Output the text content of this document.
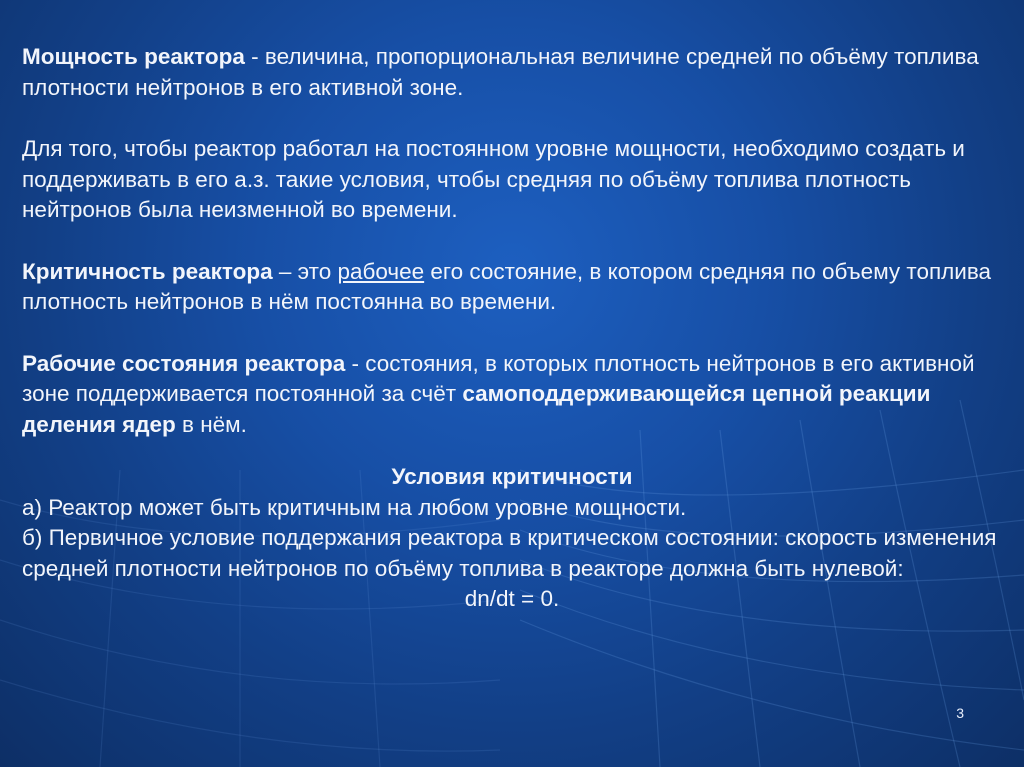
Мощность реактора - величина, пропорциональная величине средней по объёму топлива плотности нейтронов в его активной зоне.

Для того, чтобы реактор работал на постоянном уровне мощности, необходимо создать и поддерживать в его а.з. такие условия, чтобы средняя по объёму топлива плотность нейтронов была неизменной во времени.

Критичность реактора – это рабочее его состояние, в котором средняя по объему топлива плотность нейтронов в нём постоянна во времени.

Рабочие состояния реактора - состояния, в которых плотность нейтронов в его активной зоне поддерживается постоянной за счёт самоподдерживающейся цепной реакции деления ядер в нём.

Условия критичности

а) Реактор может быть критичным на любом уровне мощности.

б) Первичное условие поддержания реактора в критическом состоянии: скорость изменения средней плотности нейтронов по объёму топлива в реакторе должна быть нулевой:

dn/dt = 0.

3
